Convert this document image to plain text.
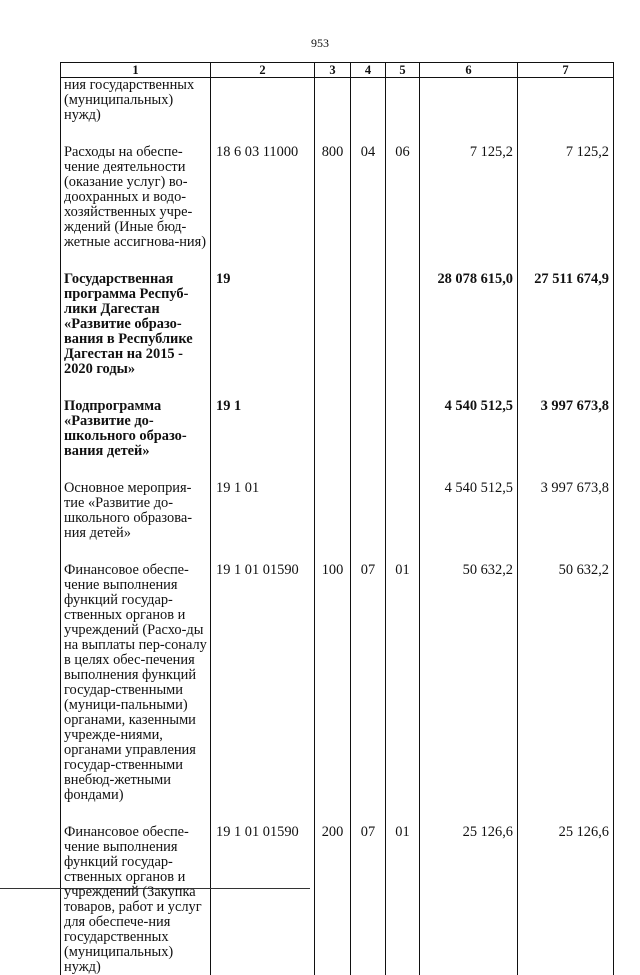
953
1	2	3	4	5	6	7
ния государственных (муниципальных) нужд)						
Расходы на обеспе-чение деятельности (оказание услуг) во-доохранных и водо-хозяйственных учре-ждений (Иные бюд-жетные ассигнова-ния)	18 6 03 11000	800	04	06	7 125,2	7 125,2
Государственная программа Респуб-лики Дагестан «Развитие образо-вания в Республике Дагестан на 2015 - 2020 годы»	19				28 078 615,0	27 511 674,9
Подпрограмма «Развитие до-школьного образо-вания детей»	19 1				4 540 512,5	3 997 673,8
Основное мероприя-тие «Развитие до-школьного образова-ния детей»	19 1 01				4 540 512,5	3 997 673,8
Финансовое обеспе-чение выполнения функций государ-ственных органов и учреждений (Расхо-ды на выплаты пер-соналу в целях обес-печения выполнения функций государ-ственными (муници-пальными) органами, казенными учрежде-ниями, органами управления государ-ственными внебюд-жетными фондами)	19 1 01 01590	100	07	01	50 632,2	50 632,2
Финансовое обеспе-чение выполнения функций государ-ственных органов и учреждений (Закупка товаров, работ и услуг для обеспече-ния государственных (муниципальных) нужд)	19 1 01 01590	200	07	01	25 126,6	25 126,6
